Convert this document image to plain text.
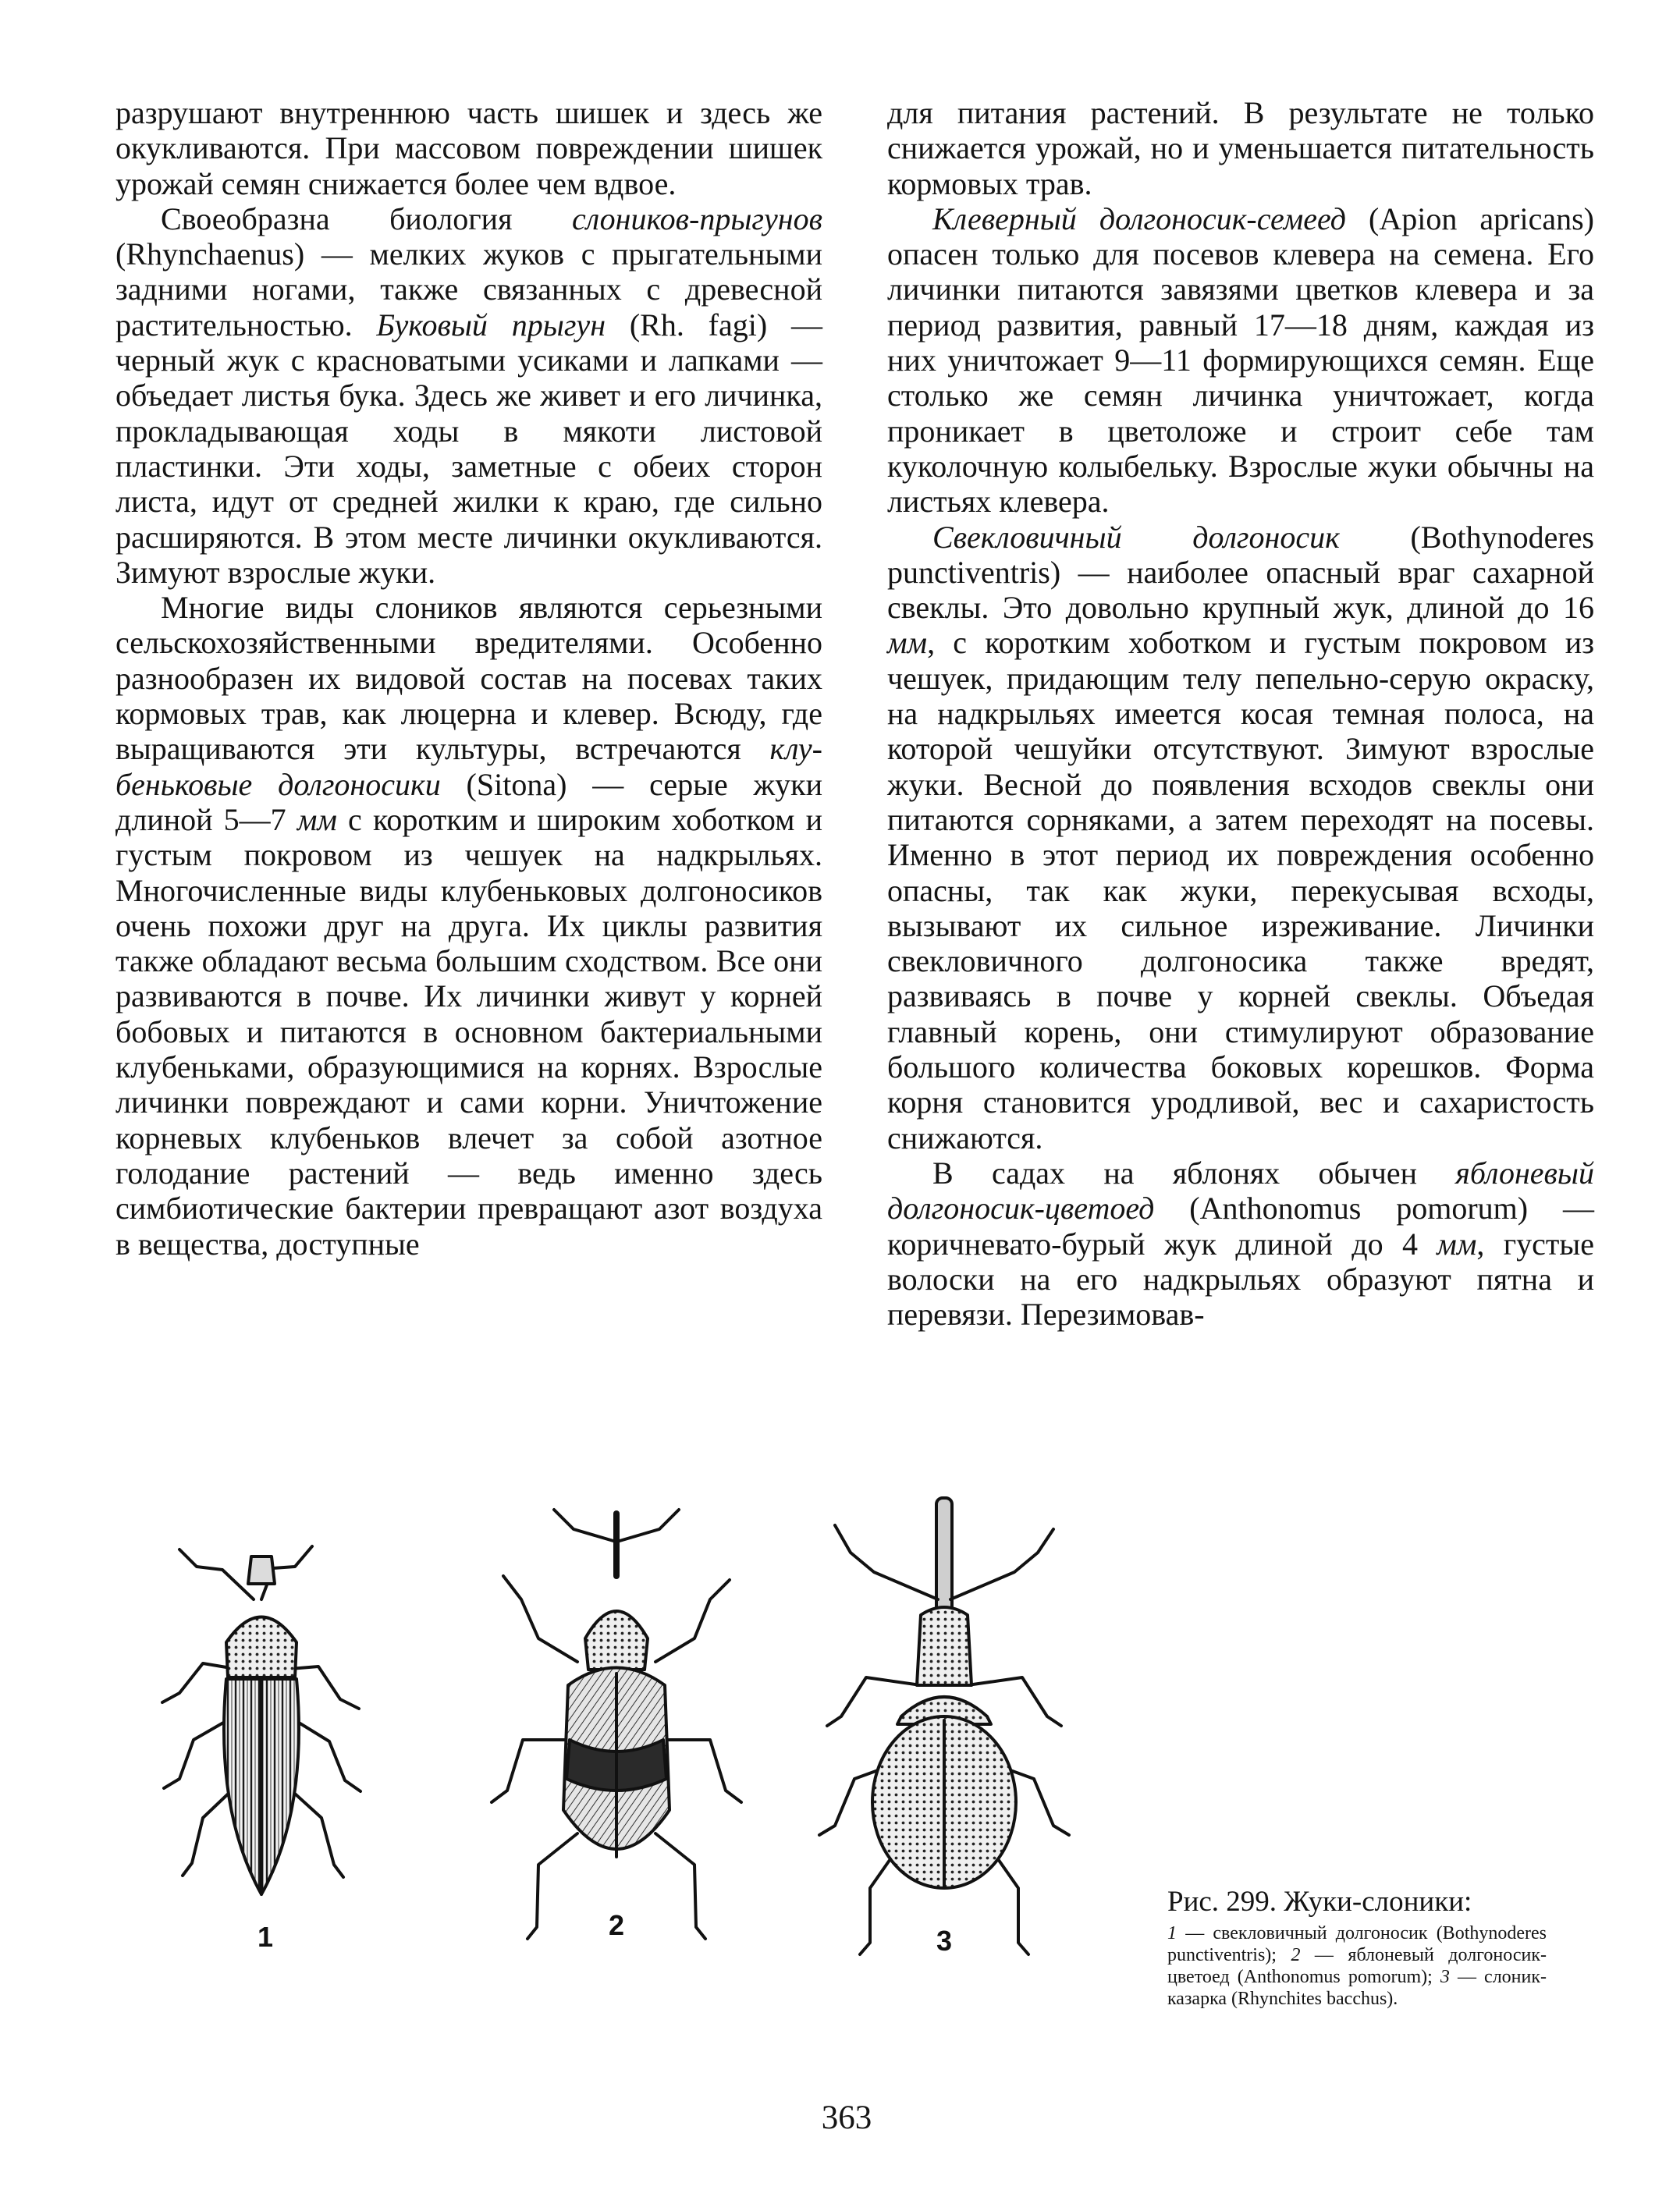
разрушают внутреннюю часть шишек и здесь же окукливаются. При массовом повреждении шишек урожай семян снижается более чем вдвое.

Своеобразна биология слоников-прыгунов (Rhynchaenus) — мелких жуков с прыгательными задними ногами, также связанных с древесной растительностью. Буковый прыгун (Rh. fagi) — черный жук с красноватыми усиками и лапками — объедает листья бука. Здесь же живет и его личинка, прокладывающая ходы в мякоти листовой пластинки. Эти ходы, заметные с обеих сторон листа, идут от средней жилки к краю, где сильно расширяются. В этом месте личинки окукливаются. Зимуют взрослые жуки.

Многие виды слоников являются серьезными сельскохозяйственными вредителями. Особенно разнообразен их видовой состав на посевах таких кормовых трав, как люцерна и клевер. Всюду, где выращиваются эти культуры, встречаются клубеньковые долгоносики (Sitona) — серые жуки длиной 5—7 мм с коротким и широким хоботком и густым покровом из чешуек на надкрыльях. Многочисленные виды клубеньковых долгоносиков очень похожи друг на друга. Их циклы развития также обладают весьма большим сходством. Все они развиваются в почве. Их личинки живут у корней бобовых и питаются в основном бактериальными клубеньками, образующимися на корнях. Взрослые личинки повреждают и сами корни. Уничтожение корневых клубеньков влечет за собой азотное голодание растений — ведь именно здесь симбиотические бактерии превращают азот воздуха в вещества, доступные

для питания растений. В результате не только снижается урожай, но и уменьшается питательность кормовых трав.

Клеверный долгоносик-семеед (Apion apricans) опасен только для посевов клевера на семена. Его личинки питаются завязями цветков клевера и за период развития, равный 17—18 дням, каждая из них уничтожает 9—11 формирующихся семян. Еще столько же семян личинка уничтожает, когда проникает в цветоложе и строит себе там куколочную колыбельку. Взрослые жуки обычны на листьях клевера.

Свекловичный долгоносик (Bothynoderes punctiventris) — наиболее опасный враг сахарной свеклы. Это довольно крупный жук, длиной до 16 мм, с коротким хоботком и густым покровом из чешуек, придающим телу пепельно-серую окраску, на надкрыльях имеется косая темная полоса, на которой чешуйки отсутствуют. Зимуют взрослые жуки. Весной до появления всходов свеклы они питаются сорняками, а затем переходят на посевы. Именно в этот период их повреждения особенно опасны, так как жуки, перекусывая всходы, вызывают их сильное изреживание. Личинки свекловичного долгоносика также вредят, развиваясь в почве у корней свеклы. Объедая главный корень, они стимулируют образование большого количества боковых корешков. Форма корня становится уродливой, вес и сахаристость снижаются.

В садах на яблонях обычен яблоневый долгоносик-цветоед (Anthonomus pomorum) — коричневато-бурый жук длиной до 4 мм, густые волоски на его надкрыльях образуют пятна и перевязи. Перезимовав-

1	2	3

Рис. 299. Жуки-слоники:

1 — свекловичный долгоносик (Bothynoderes punctiventris); 2 — яблоневый долгоносик-цветоед (Anthonomus pomorum); 3 — слоник-казарка (Rhynchites bacchus).

363
